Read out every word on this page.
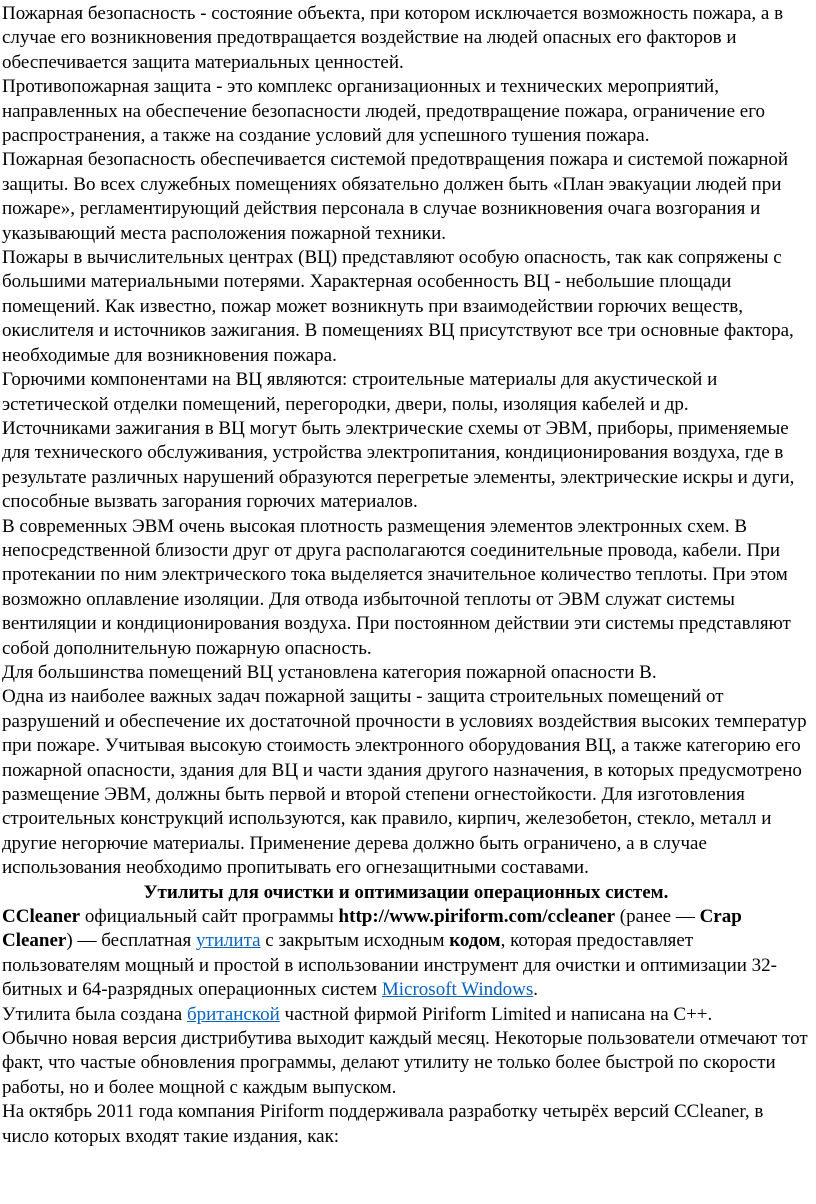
Пожарная безопасность - состояние объекта, при котором исключается возможность пожара, а в случае его возникновения предотвращается воздействие на людей опасных его факторов и обеспечивается защита материальных ценностей.

Противопожарная защита - это комплекс организационных и технических мероприятий, направленных на обеспечение безопасности людей, предотвращение пожара, ограничение его распространения, а также на создание условий для успешного тушения пожара.

Пожарная безопасность обеспечивается системой предотвращения пожара и системой пожарной защиты. Во всех служебных помещениях обязательно должен быть «План эвакуации людей при пожаре», регламентирующий действия персонала в случае возникновения очага возгорания и указывающий места расположения пожарной техники.

Пожары в вычислительных центрах (ВЦ) представляют особую опасность, так как сопряжены с большими материальными потерями. Характерная особенность ВЦ - небольшие площади помещений. Как известно, пожар может возникнуть при взаимодействии горючих веществ, окислителя и источников зажигания. В помещениях ВЦ присутствуют все три основные фактора, необходимые для возникновения пожара.

Горючими компонентами на ВЦ являются: строительные материалы для акустической и эстетической отделки помещений, перегородки, двери, полы, изоляция кабелей и др.

Источниками зажигания в ВЦ могут быть электрические схемы от ЭВМ, приборы, применяемые для технического обслуживания, устройства электропитания, кондиционирования воздуха, где в результате различных нарушений образуются перегретые элементы, электрические искры и дуги, способные вызвать загорания горючих материалов.

В современных ЭВМ очень высокая плотность размещения элементов электронных схем. В непосредственной близости друг от друга располагаются соединительные провода, кабели. При протекании по ним электрического тока выделяется значительное количество теплоты. При этом возможно оплавление изоляции. Для отвода избыточной теплоты от ЭВМ служат системы вентиляции и кондиционирования воздуха. При постоянном действии эти системы представляют собой дополнительную пожарную опасность.

Для большинства помещений ВЦ установлена категория пожарной опасности В.

Одна из наиболее важных задач пожарной защиты - защита строительных помещений от разрушений и обеспечение их достаточной прочности в условиях воздействия высоких температур при пожаре. Учитывая высокую стоимость электронного оборудования ВЦ, а также категорию его пожарной опасности, здания для ВЦ и части здания другого назначения, в которых предусмотрено размещение ЭВМ, должны быть первой и второй степени огнестойкости. Для изготовления строительных конструкций используются, как правило, кирпич, железобетон, стекло, металл и другие негорючие материалы. Применение дерева должно быть ограничено, а в случае использования необходимо пропитывать его огнезащитными составами.

Утилиты для очистки и оптимизации операционных систем.

CCleaner официальный сайт программы http://www.piriform.com/ccleaner (ранее — Crap Cleaner) — бесплатная утилита с закрытым исходным кодом, которая предоставляет пользователям мощный и простой в использовании инструмент для очистки и оптимизации 32-битных и 64-разрядных операционных систем Microsoft Windows.

Утилита была создана британской частной фирмой Piriform Limited и написана на C++.

Обычно новая версия дистрибутива выходит каждый месяц. Некоторые пользователи отмечают тот факт, что частые обновления программы, делают утилиту не только более быстрой по скорости работы, но и более мощной с каждым выпуском.

На октябрь 2011 года компания Piriform поддерживала разработку четырёх версий CCleaner, в число которых входят такие издания, как:
